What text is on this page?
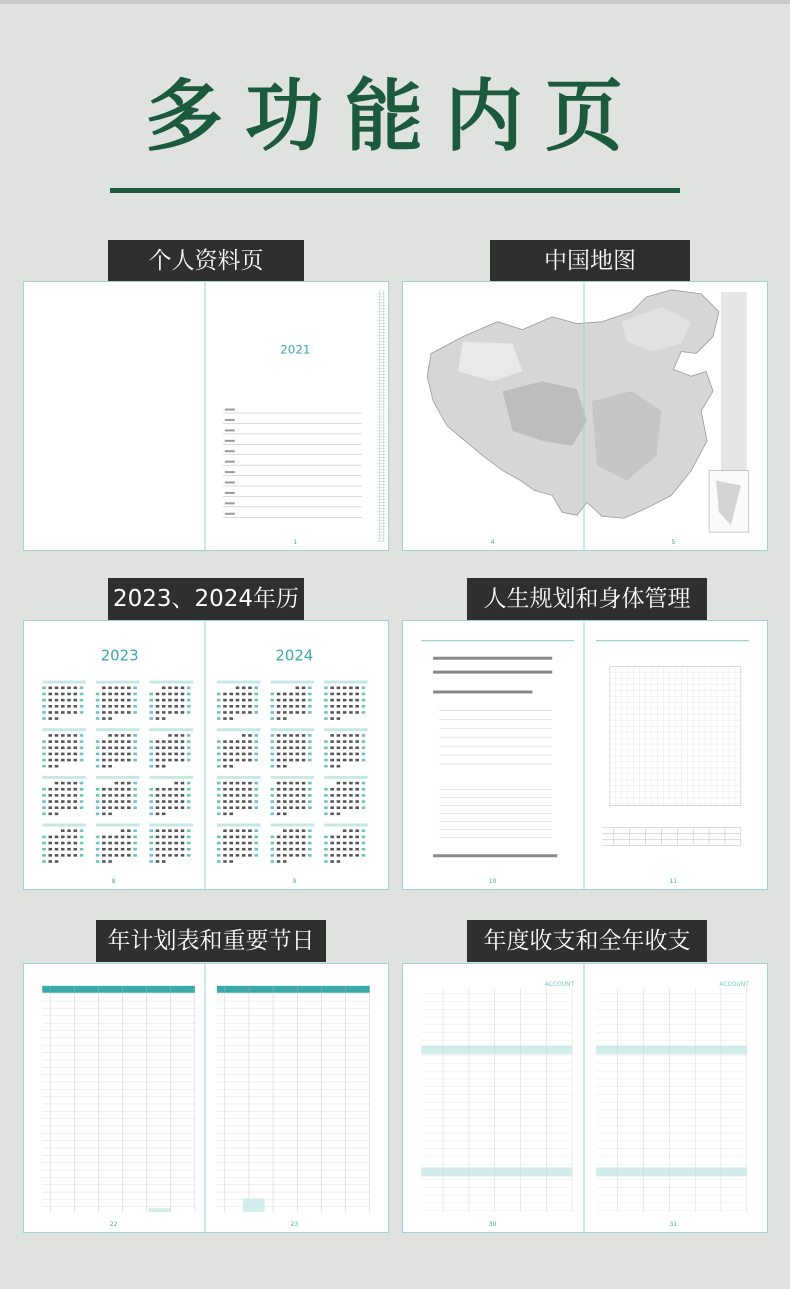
多功能内页
个人资料页	中国地图
2023、2024年历	人生规划和身体管理
年计划表和重要节日	年度收支和全年收支
2021
1	4	5
2023	2024
8	9	10	11
22	23
ACCOUNT	ACCOUNT
30	31
